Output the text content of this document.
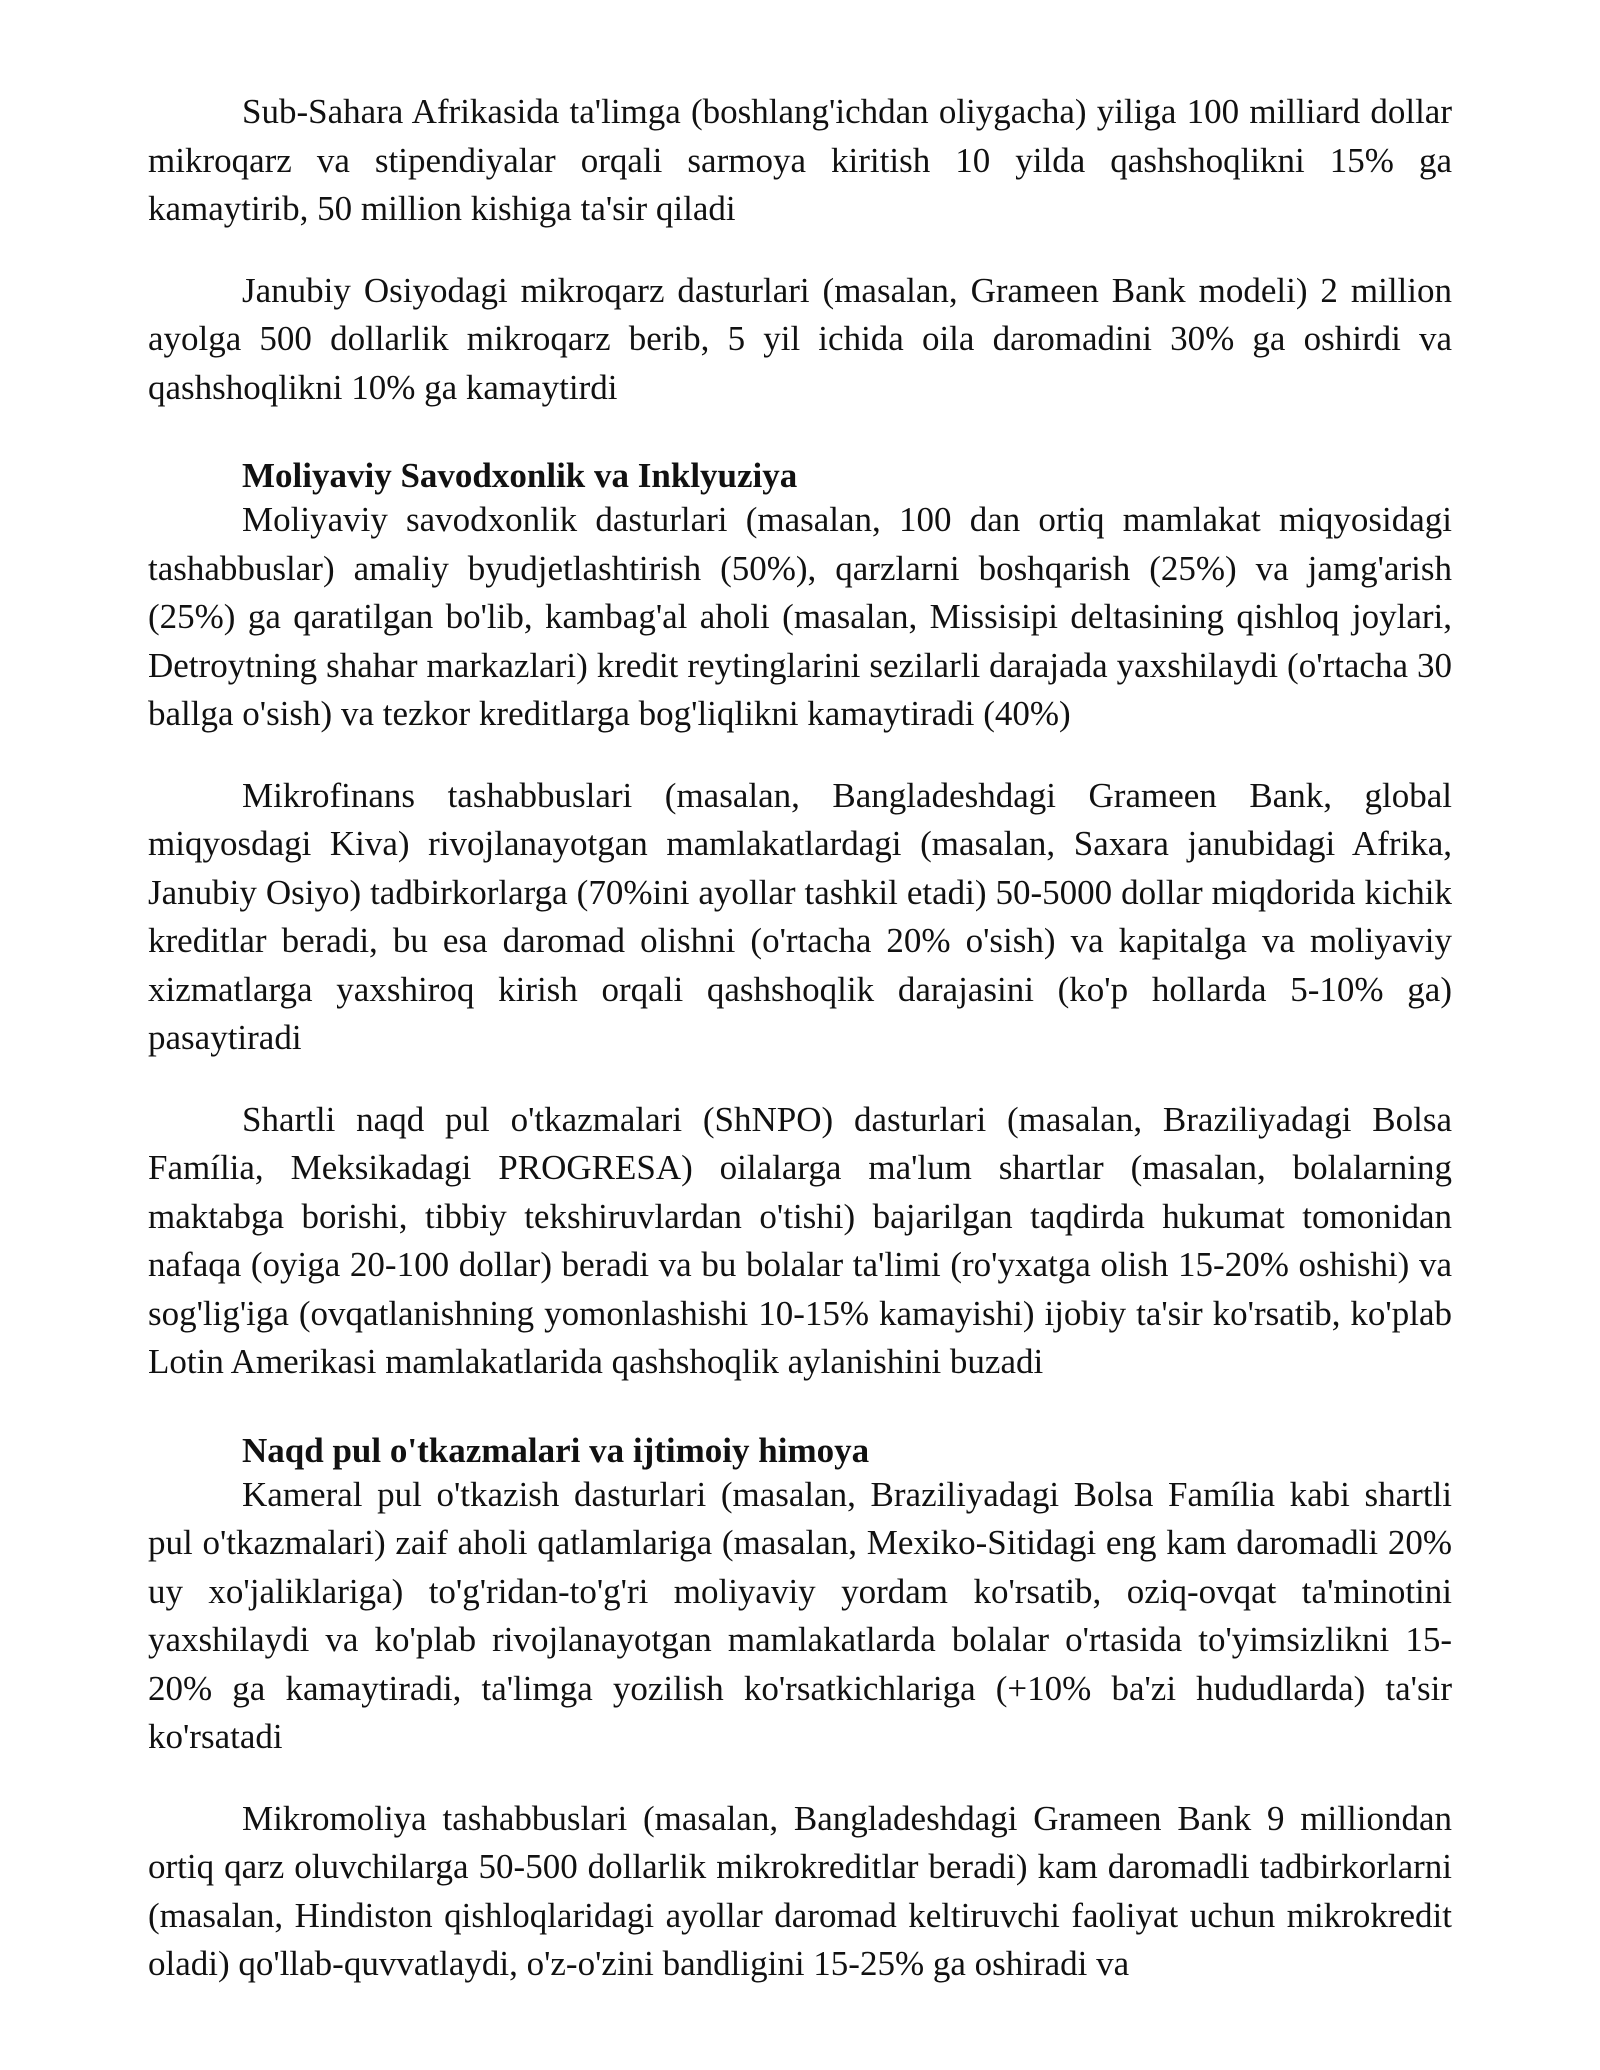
Sub-Sahara Afrikasida ta'limga (boshlang'ichdan oliygacha) yiliga 100 milliard dollar mikroqarz va stipendiyalar orqali sarmoya kiritish 10 yilda qashshoqlikni 15% ga kamaytirib, 50 million kishiga ta'sir qiladi

Janubiy Osiyodagi mikroqarz dasturlari (masalan, Grameen Bank modeli) 2 million ayolga 500 dollarlik mikroqarz berib, 5 yil ichida oila daromadini 30% ga oshirdi va qashshoqlikni 10% ga kamaytirdi

Moliyaviy Savodxonlik va Inklyuziya

Moliyaviy savodxonlik dasturlari (masalan, 100 dan ortiq mamlakat miqyosidagi tashabbuslar) amaliy byudjetlashtirish (50%), qarzlarni boshqarish (25%) va jamg'arish (25%) ga qaratilgan bo'lib, kambag'al aholi (masalan, Missisipi deltasining qishloq joylari, Detroytning shahar markazlari) kredit reytinglarini sezilarli darajada yaxshilaydi (o'rtacha 30 ballga o'sish) va tezkor kreditlarga bog'liqlikni kamaytiradi (40%)

Mikrofinans tashabbuslari (masalan, Bangladeshdagi Grameen Bank, global miqyosdagi Kiva) rivojlanayotgan mamlakatlardagi (masalan, Saxara janubidagi Afrika, Janubiy Osiyo) tadbirkorlarga (70%ini ayollar tashkil etadi) 50-5000 dollar miqdorida kichik kreditlar beradi, bu esa daromad olishni (o'rtacha 20% o'sish) va kapitalga va moliyaviy xizmatlarga yaxshiroq kirish orqali qashshoqlik darajasini (ko'p hollarda 5-10% ga) pasaytiradi

Shartli naqd pul o'tkazmalari (ShNPO) dasturlari (masalan, Braziliyadagi Bolsa Família, Meksikadagi PROGRESA) oilalarga ma'lum shartlar (masalan, bolalarning maktabga borishi, tibbiy tekshiruvlardan o'tishi) bajarilgan taqdirda hukumat tomonidan nafaqa (oyiga 20-100 dollar) beradi va bu bolalar ta'limi (ro'yxatga olish 15-20% oshishi) va sog'lig'iga (ovqatlanishning yomonlashishi 10-15% kamayishi) ijobiy ta'sir ko'rsatib, ko'plab Lotin Amerikasi mamlakatlarida qashshoqlik aylanishini buzadi

Naqd pul o'tkazmalari va ijtimoiy himoya

Kameral pul o'tkazish dasturlari (masalan, Braziliyadagi Bolsa Família kabi shartli pul o'tkazmalari) zaif aholi qatlamlariga (masalan, Mexiko-Sitidagi eng kam daromadli 20% uy xo'jaliklariga) to'g'ridan-to'g'ri moliyaviy yordam ko'rsatib, oziq-ovqat ta'minotini yaxshilaydi va ko'plab rivojlanayotgan mamlakatlarda bolalar o'rtasida to'yimsizlikni 15-20% ga kamaytiradi, ta'limga yozilish ko'rsatkichlariga (+10% ba'zi hududlarda) ta'sir ko'rsatadi

Mikromoliya tashabbuslari (masalan, Bangladeshdagi Grameen Bank 9 milliondan ortiq qarz oluvchilarga 50-500 dollarlik mikrokreditlar beradi) kam daromadli tadbirkorlarni (masalan, Hindiston qishloqlaridagi ayollar daromad keltiruvchi faoliyat uchun mikrokredit oladi) qo'llab-quvvatlaydi, o'z-o'zini bandligini 15-25% ga oshiradi va
